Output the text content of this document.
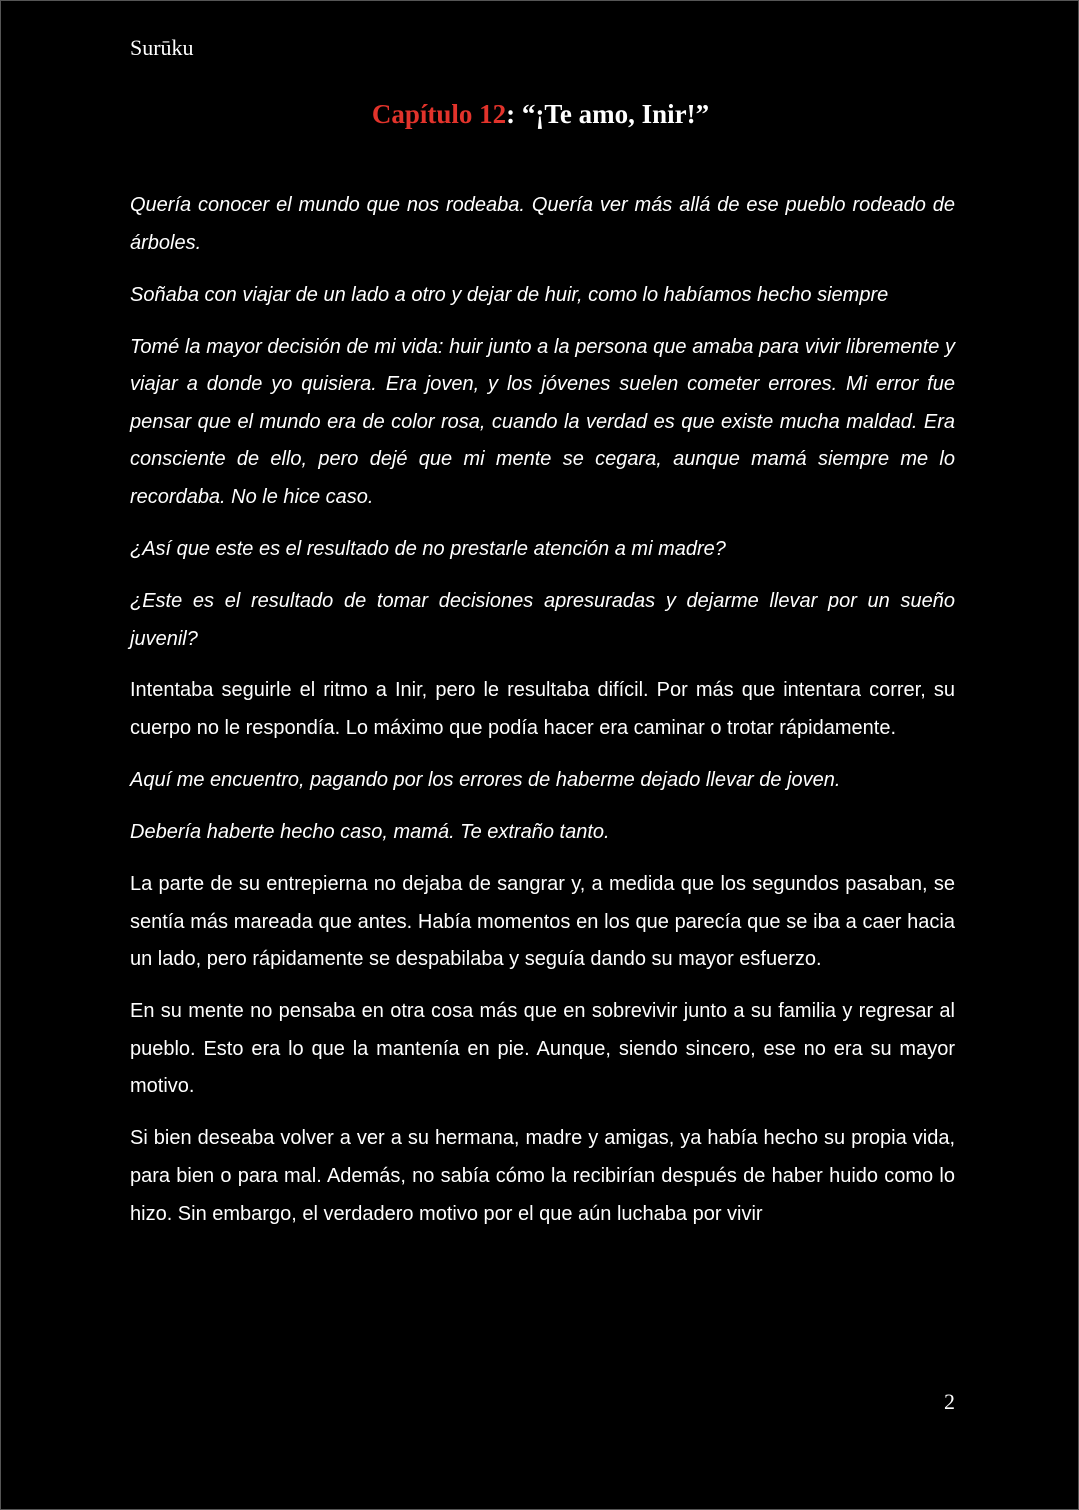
Surūku
Capítulo 12: “¡Te amo, Inir!”

Quería conocer el mundo que nos rodeaba. Quería ver más allá de ese pueblo rodeado de árboles.

Soñaba con viajar de un lado a otro y dejar de huir, como lo habíamos hecho siempre

Tomé la mayor decisión de mi vida: huir junto a la persona que amaba para vivir libremente y viajar a donde yo quisiera. Era joven, y los jóvenes suelen cometer errores. Mi error fue pensar que el mundo era de color rosa, cuando la verdad es que existe mucha maldad. Era consciente de ello, pero dejé que mi mente se cegara, aunque mamá siempre me lo recordaba. No le hice caso.

¿Así que este es el resultado de no prestarle atención a mi madre?

¿Este es el resultado de tomar decisiones apresuradas y dejarme llevar por un sueño juvenil?

Intentaba seguirle el ritmo a Inir, pero le resultaba difícil. Por más que intentara correr, su cuerpo no le respondía. Lo máximo que podía hacer era caminar o trotar rápidamente.

Aquí me encuentro, pagando por los errores de haberme dejado llevar de joven.

Debería haberte hecho caso, mamá. Te extraño tanto.

La parte de su entrepierna no dejaba de sangrar y, a medida que los segundos pasaban, se sentía más mareada que antes. Había momentos en los que parecía que se iba a caer hacia un lado, pero rápidamente se despabilaba y seguía dando su mayor esfuerzo.

En su mente no pensaba en otra cosa más que en sobrevivir junto a su familia y regresar al pueblo. Esto era lo que la mantenía en pie. Aunque, siendo sincero, ese no era su mayor motivo.

Si bien deseaba volver a ver a su hermana, madre y amigas, ya había hecho su propia vida, para bien o para mal. Además, no sabía cómo la recibirían después de haber huido como lo hizo. Sin embargo, el verdadero motivo por el que aún luchaba por vivir

2
